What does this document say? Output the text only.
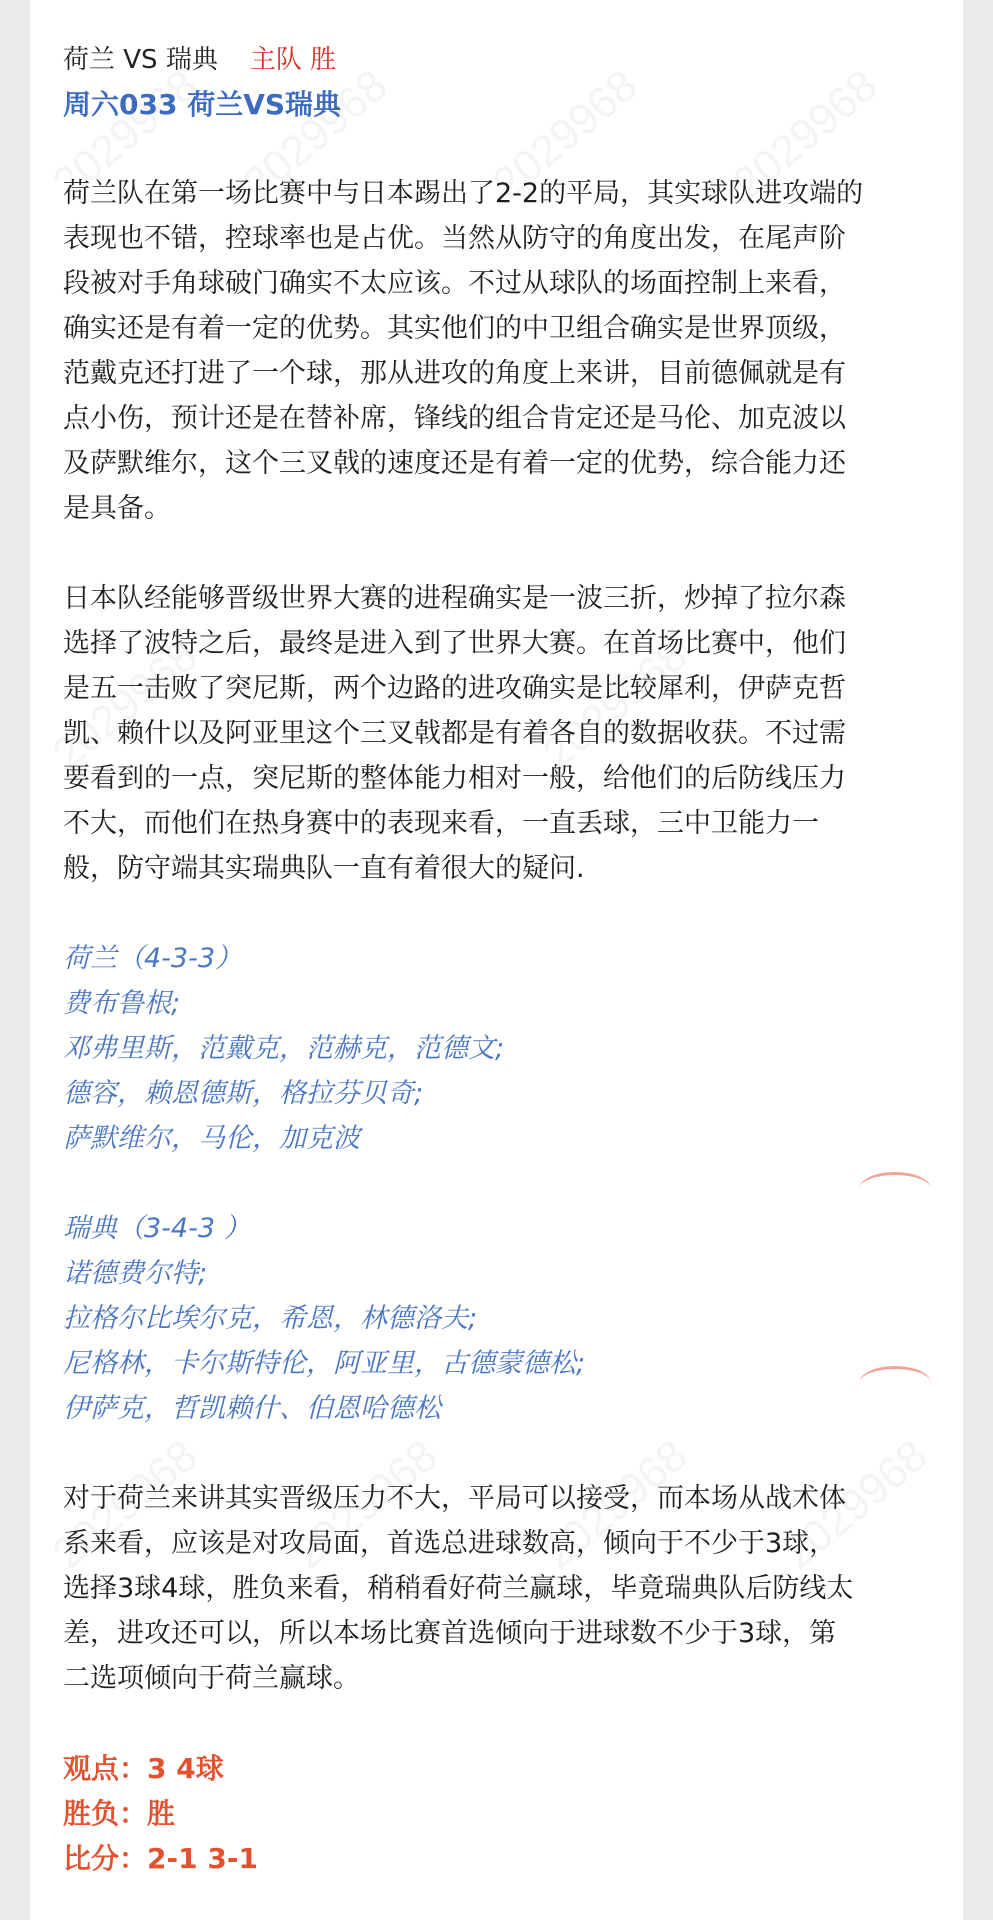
荷兰 VS 瑞典 主队 胜
周六033 荷兰VS瑞典
荷兰队在第一场比赛中与日本踢出了2-2的平局，其实球队进攻端的
表现也不错，控球率也是占优。当然从防守的角度出发，在尾声阶
段被对手角球破门确实不太应该。不过从球队的场面控制上来看，
确实还是有着一定的优势。其实他们的中卫组合确实是世界顶级，
范戴克还打进了一个球，那从进攻的角度上来讲，目前德佩就是有
点小伤，预计还是在替补席，锋线的组合肯定还是马伦、加克波以
及萨默维尔，这个三叉戟的速度还是有着一定的优势，综合能力还
是具备。
日本队经能够晋级世界大赛的进程确实是一波三折，炒掉了拉尔森
选择了波特之后，最终是进入到了世界大赛。在首场比赛中，他们
是五一击败了突尼斯，两个边路的进攻确实是比较犀利，伊萨克哲
凯、赖什以及阿亚里这个三叉戟都是有着各自的数据收获。不过需
要看到的一点，突尼斯的整体能力相对一般，给他们的后防线压力
不大，而他们在热身赛中的表现来看，一直丢球，三中卫能力一
般，防守端其实瑞典队一直有着很大的疑问.
荷兰（4-3-3）
费布鲁根;
邓弗里斯，范戴克，范赫克，范德文;
德容，赖恩德斯，格拉芬贝奇;
萨默维尔，马伦，加克波
瑞典（3-4-3 ）
诺德费尔特;
拉格尔比埃尔克，希恩，林德洛夫;
尼格林，卡尔斯特伦，阿亚里，古德蒙德松;
伊萨克，哲凯赖什、伯恩哈德松
对于荷兰来讲其实晋级压力不大，平局可以接受，而本场从战术体
系来看，应该是对攻局面，首选总进球数高，倾向于不少于3球，
选择3球4球，胜负来看，稍稍看好荷兰赢球，毕竟瑞典队后防线太
差，进攻还可以，所以本场比赛首选倾向于进球数不少于3球，第
二选项倾向于荷兰赢球。
观点：3 4球
胜负：胜
比分：2-1 3-1
